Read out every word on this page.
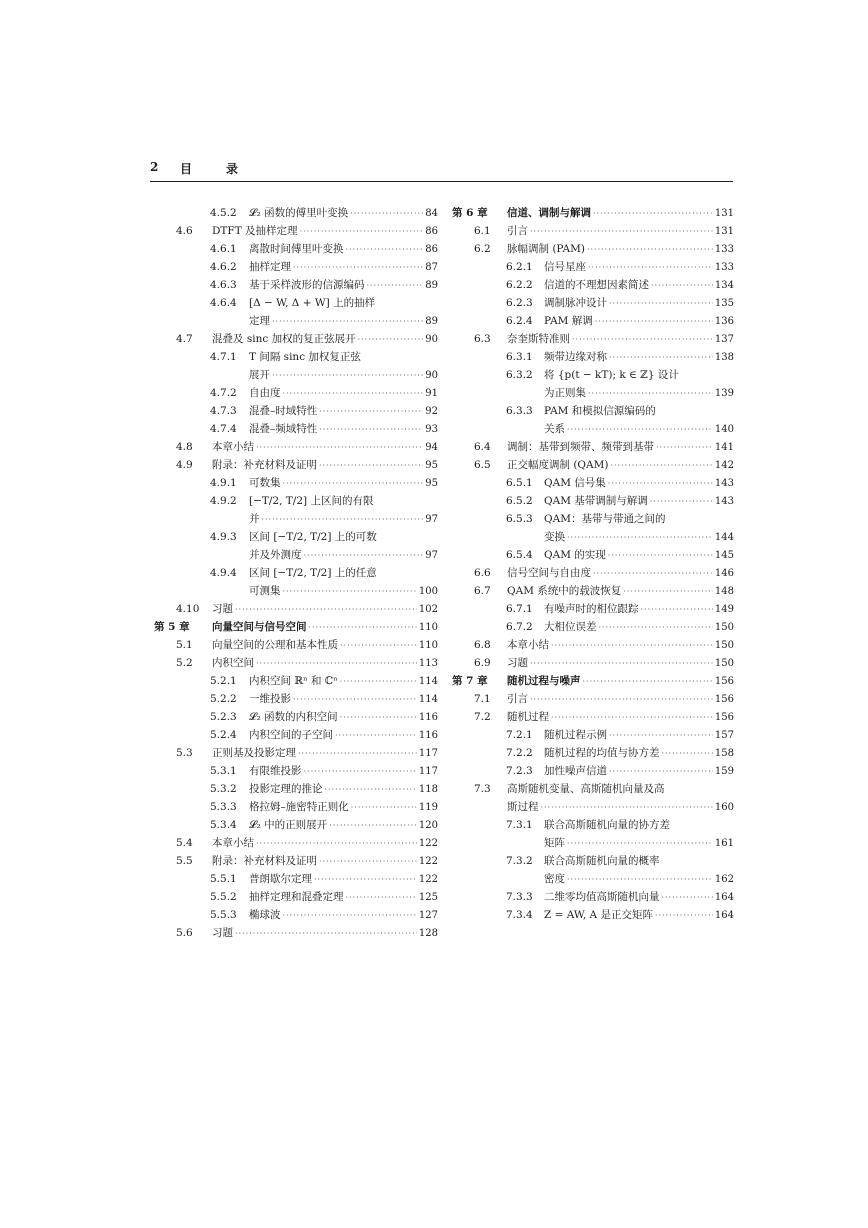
2 目	录
4.5.2 𝓛₂ 函数的傅里叶变换 ·····	84
4.6 DTFT 及抽样定理 ·····	86
4.6.1 离散时间傅里叶变换 ·····	86
4.6.2 抽样定理 ·····	87
4.6.3 基于采样波形的信源编码 ·····	89
4.6.4 [Δ − W, Δ + W] 上的抽样
定理 ·····	89
4.7 混叠及 sinc 加权的复正弦展开 ·····	90
4.7.1 T 间隔 sinc 加权复正弦
展开 ·····	90
4.7.2 自由度 ·····	91
4.7.3 混叠–时域特性 ·····	92
4.7.4 混叠–频域特性 ·····	93
4.8 本章小结 ·····	94
4.9 附录：补充材料及证明 ·····	95
4.9.1 可数集 ·····	95
4.9.2 [−T/2, T/2] 上区间的有限
并 ·····	97
4.9.3 区间 [−T/2, T/2] 上的可数
并及外测度 ·····	97
4.9.4 区间 [−T/2, T/2] 上的任意
可测集 ·····	100
4.10 习题 ·····	102
第 5 章 向量空间与信号空间 ·····	110
5.1 向量空间的公理和基本性质 ·····	110
5.2 内积空间 ·····	113
5.2.1 内积空间 ℝⁿ 和 ℂⁿ ·····	114
5.2.2 一维投影 ·····	114
5.2.3 𝓛₂ 函数的内积空间 ·····	116
5.2.4 内积空间的子空间 ·····	116
5.3 正则基及投影定理 ·····	117
5.3.1 有限维投影 ·····	117
5.3.2 投影定理的推论 ·····	118
5.3.3 格拉姆–施密特正则化 ·····	119
5.3.4 𝓛₂ 中的正则展开 ·····	120
5.4 本章小结 ·····	122
5.5 附录：补充材料及证明 ·····	122
5.5.1 普朗歇尔定理 ·····	122
5.5.2 抽样定理和混叠定理 ·····	125
5.5.3 椭球波 ·····	127
5.6 习题 ·····	128
第 6 章 信道、调制与解调 ·····	131
6.1 引言 ·····	131
6.2 脉幅调制 (PAM) ·····	133
6.2.1 信号星座 ·····	133
6.2.2 信道的不理想因素简述 ·····	134
6.2.3 调制脉冲设计 ·····	135
6.2.4 PAM 解调 ·····	136
6.3 奈奎斯特准则 ·····	137
6.3.1 频带边缘对称 ·····	138
6.3.2 将 {p(t − kT); k ∈ ℤ} 设计
为正则集 ·····	139
6.3.3 PAM 和模拟信源编码的
关系 ·····	140
6.4 调制：基带到频带、频带到基带 ·····	141
6.5 正交幅度调制 (QAM) ·····	142
6.5.1 QAM 信号集 ·····	143
6.5.2 QAM 基带调制与解调 ·····	143
6.5.3 QAM：基带与带通之间的
变换 ·····	144
6.5.4 QAM 的实现 ·····	145
6.6 信号空间与自由度 ·····	146
6.7 QAM 系统中的载波恢复 ·····	148
6.7.1 有噪声时的相位跟踪 ·····	149
6.7.2 大相位误差 ·····	150
6.8 本章小结 ·····	150
6.9 习题 ·····	150
第 7 章 随机过程与噪声 ·····	156
7.1 引言 ·····	156
7.2 随机过程 ·····	156
7.2.1 随机过程示例 ·····	157
7.2.2 随机过程的均值与协方差 ·····	158
7.2.3 加性噪声信道 ·····	159
7.3 高斯随机变量、高斯随机向量及高
斯过程 ·····	160
7.3.1 联合高斯随机向量的协方差
矩阵 ·····	161
7.3.2 联合高斯随机向量的概率
密度 ·····	162
7.3.3 二维零均值高斯随机向量 ·····	164
7.3.4 Z = AW, A 是正交矩阵 ·····	164
